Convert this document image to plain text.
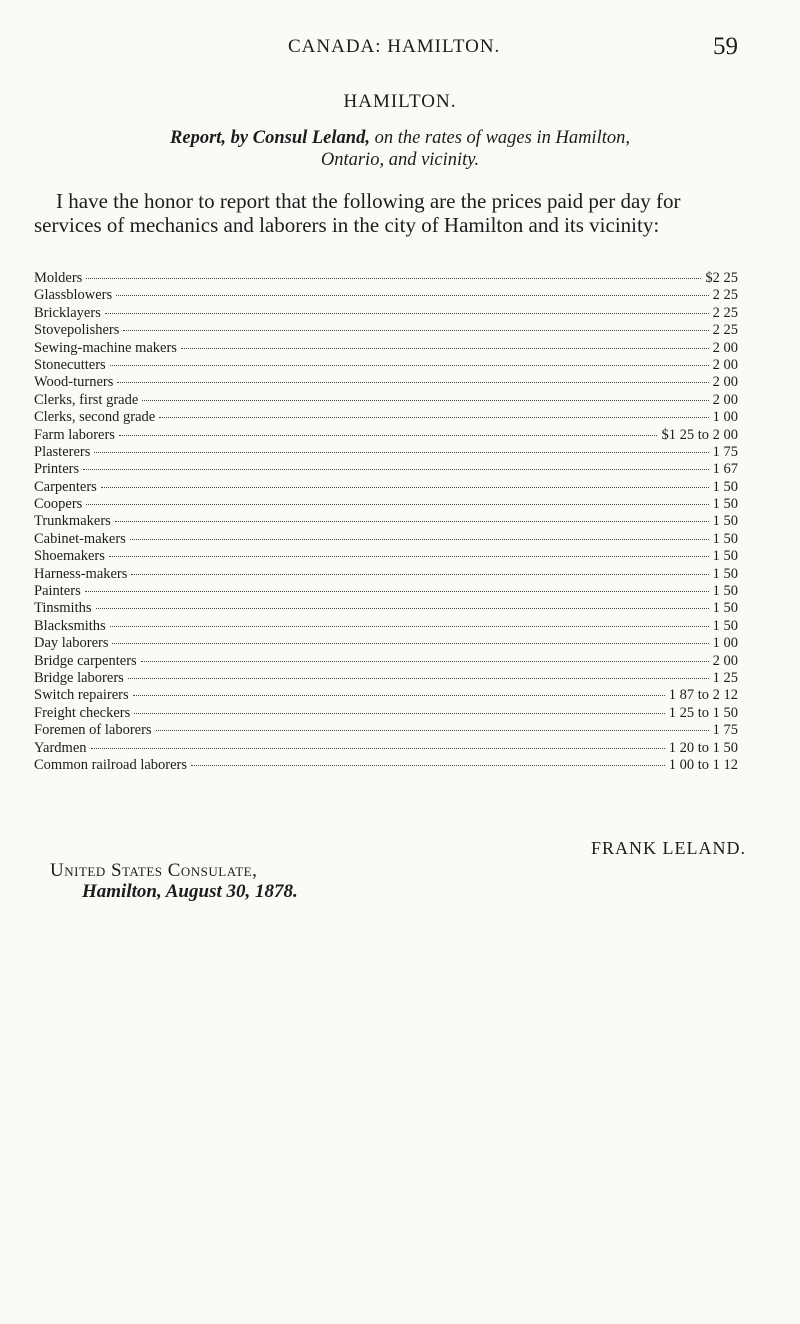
CANADA: HAMILTON.	59
HAMILTON.
Report, by Consul Leland, on the rates of wages in Hamilton, Ontario, and vicinity.

I have the honor to report that the following are the prices paid per day for services of mechanics and laborers in the city of Hamilton and its vicinity:

Molders	$2 25
Glassblowers	2 25
Bricklayers	2 25
Stovepolishers	2 25
Sewing-machine makers	2 00
Stonecutters	2 00
Wood-turners	2 00
Clerks, first grade	2 00
Clerks, second grade	1 00
Farm laborers	$1 25 to 2 00
Plasterers	1 75
Printers	1 67
Carpenters	1 50
Coopers	1 50
Trunkmakers	1 50
Cabinet-makers	1 50
Shoemakers	1 50
Harness-makers	1 50
Painters	1 50
Tinsmiths	1 50
Blacksmiths	1 50
Day laborers	1 00
Bridge carpenters	2 00
Bridge laborers	1 25
Switch repairers	1 87 to 2 12
Freight checkers	1 25 to 1 50
Foremen of laborers	1 75
Yardmen	1 20 to 1 50
Common railroad laborers	1 00 to 1 12
FRANK LELAND.
United States Consulate,
Hamilton, August 30, 1878.
